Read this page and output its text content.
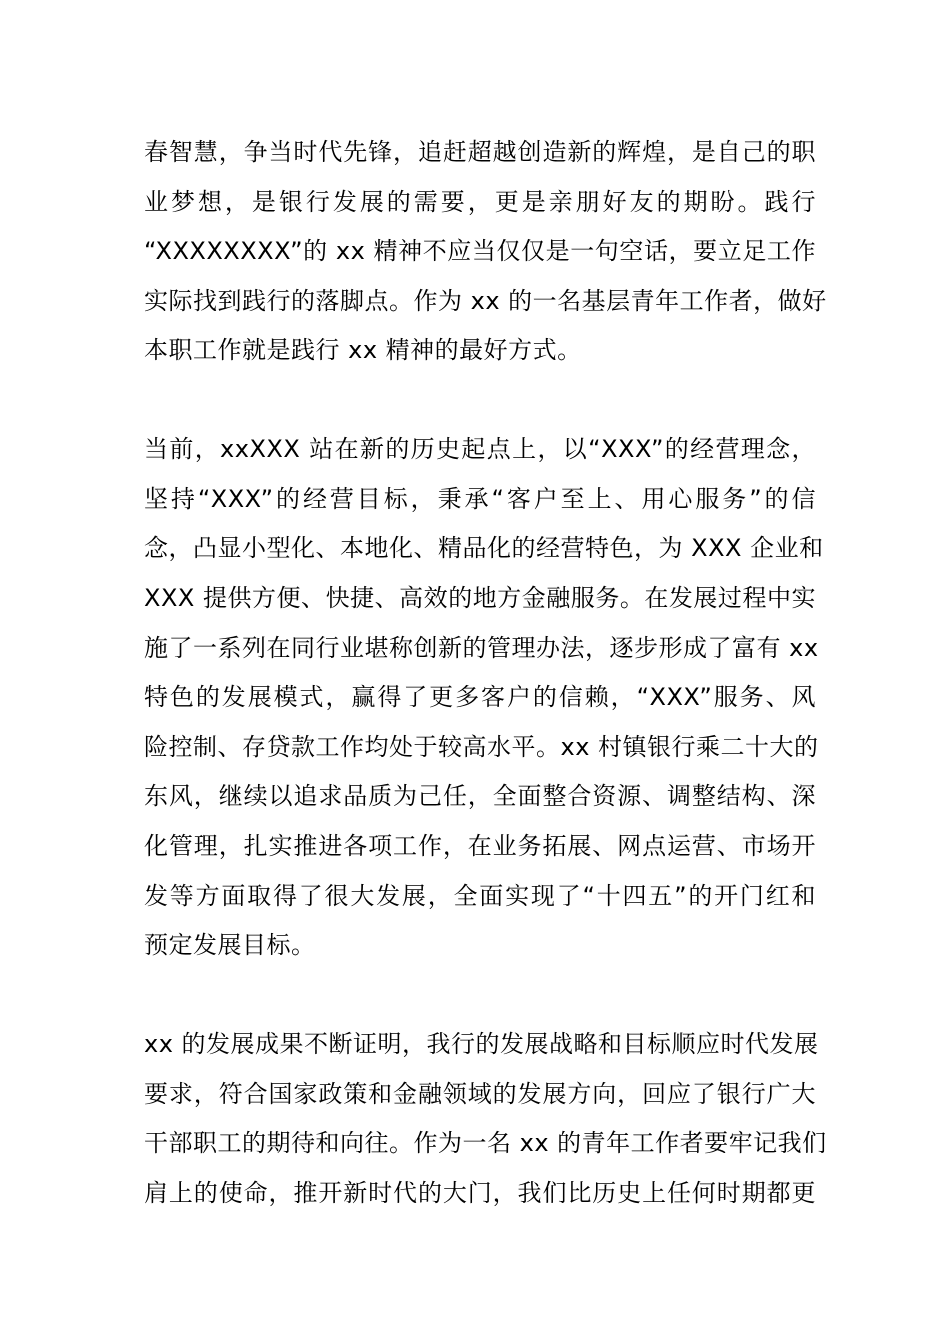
春智慧，争当时代先锋，追赶超越创造新的辉煌，是自己的职

业梦想，是银行发展的需要，更是亲朋好友的期盼。践行

“XXXXXXXX”的 xx 精神不应当仅仅是一句空话，要立足工作

实际找到践行的落脚点。作为 xx 的一名基层青年工作者，做好

本职工作就是践行 xx 精神的最好方式。

当前，xxXXX 站在新的历史起点上，以“XXX”的经营理念，

坚持“XXX”的经营目标，秉承“客户至上、用心服务”的信

念，凸显小型化、本地化、精品化的经营特色，为 XXX 企业和

XXX 提供方便、快捷、高效的地方金融服务。在发展过程中实

施了一系列在同行业堪称创新的管理办法，逐步形成了富有 xx

特色的发展模式，赢得了更多客户的信赖，“XXX”服务、风

险控制、存贷款工作均处于较高水平。xx 村镇银行乘二十大的

东风，继续以追求品质为己任，全面整合资源、调整结构、深

化管理，扎实推进各项工作，在业务拓展、网点运营、市场开

发等方面取得了很大发展，全面实现了“十四五”的开门红和

预定发展目标。

xx 的发展成果不断证明，我行的发展战略和目标顺应时代发展

要求，符合国家政策和金融领域的发展方向，回应了银行广大

干部职工的期待和向往。作为一名 xx 的青年工作者要牢记我们

肩上的使命，推开新时代的大门，我们比历史上任何时期都更
